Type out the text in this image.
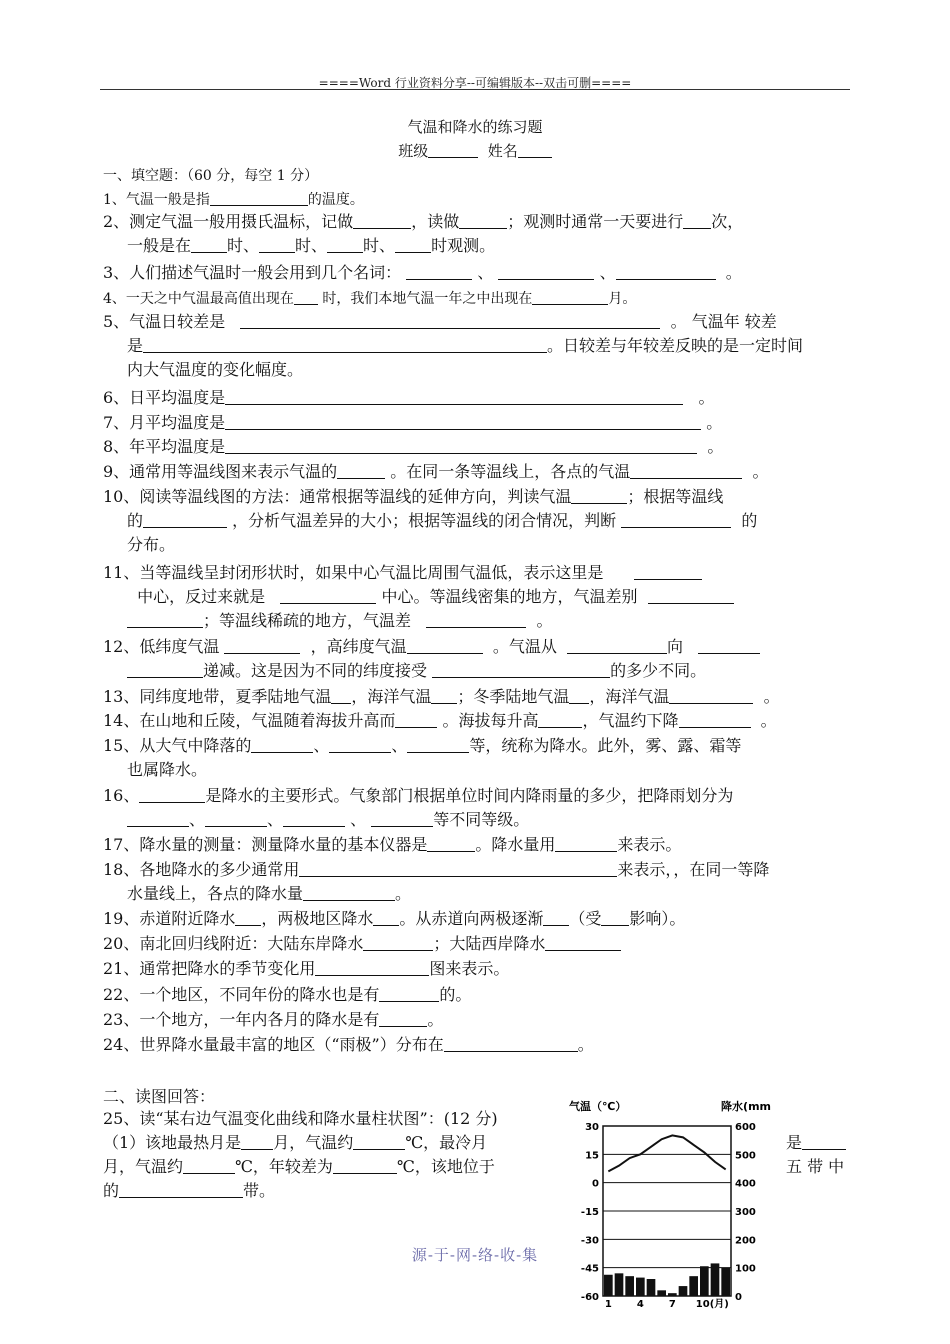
====Word 行业资料分享--可编辑版本--双击可删====
气温和降水的练习题
班级	姓名
一、填空题：（60 分，每空 1 分）
1、气温一般是指	的温度。
2、测定气温一般用摄氏温标，记做	，读做	；观测时通常一天要进行 次，
一般是在 时、 时、 时、 时观测。
3、人们描述气温时一般会用到几个名词：	、	、	。
4、一天之中气温最高值出现在 时，我们本地气温一年之中出现在	月。
5、气温日较差是	。 气温年 较差
是	。日较差与年较差反映的是一定时间
内大气温度的变化幅度。
6、日平均温度是	。
7、月平均温度是	。
8、年平均温度是	。
9、通常用等温线图来表示气温的	。在同一条等温线上，各点的气温	。
10、阅读等温线图的方法：通常根据等温线的延伸方向，判读气温	；根据等温线
的	，分析气温差异的大小；根据等温线的闭合情况，判断	的
分布。
11、当等温线呈封闭形状时，如果中心气温比周围气温低，表示这里是
中心，反过来就是	中心。等温线密集的地方，气温差别
；等温线稀疏的地方，气温差	。
12、低纬度气温	，高纬度气温	。气温从	向
递减。这是因为不同的纬度接受	的多少不同。
13、同纬度地带，夏季陆地气温 ，海洋气温 ；冬季陆地气温 ，海洋气温	。
14、在山地和丘陵，气温随着海拔升高而	。海拔每升高	，气温约下降	。
15、从大气中降落的	、	、	等，统称为降水。此外，雾、露、霜等
也属降水。
16、	是降水的主要形式。气象部门根据单位时间内降雨量的多少，把降雨划分为
、	、	、	等不同等级。
17、降水量的测量：测量降水量的基本仪器是	。降水量用	来表示。
18、各地降水的多少通常用	来表示，，在同一等降
水量线上，各点的降水量	。
19、赤道附近降水 ，两极地区降水 。从赤道向两极逐渐 （受 影响）。
20、南北回归线附近：大陆东岸降水	；大陆西岸降水
21、通常把降水的季节变化用	图来表示。
22、一个地区，不同年份的降水也是有	的。
23、一个地方，一年内各月的降水是有	。
24、世界降水量最丰富的地区（“雨极”）分布在	。
二、读图回答：
25、读“某右边气温变化曲线和降水量柱状图”：(12 分)
（1）该地最热月是 月，气温约	℃，最冷月
月，气温约	℃，年较差为	℃，该地位于
的	带。
是
五 带 中
气温（℃）	降水(mm
30
15
0
-15
-30
-45
-60
600
500
400
300
200
100
0
1	4	7 10(月)
源-于-网-络-收-集
